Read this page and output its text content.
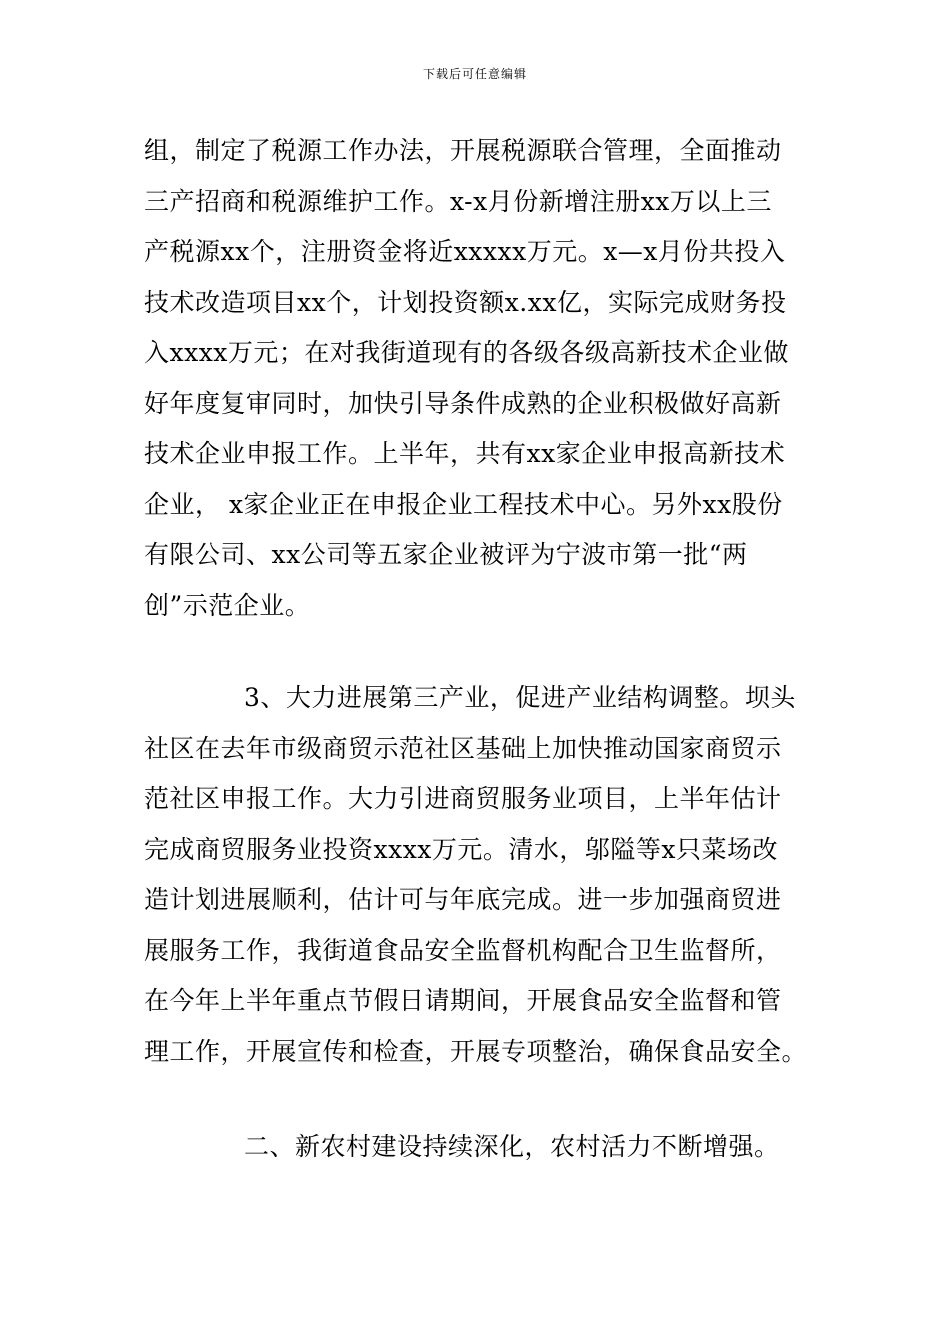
下载后可任意编辑
组，制定了税源工作办法，开展税源联合管理，全面推动
三产招商和税源维护工作。x-x月份新增注册xx万以上三
产税源xx个，注册资金将近xxxxx万元。x—x月份共投入
技术改造项目xx个，计划投资额x.xx亿，实际完成财务投
入xxxx万元；在对我街道现有的各级各级高新技术企业做
好年度复审同时，加快引导条件成熟的企业积极做好高新
技术企业申报工作。上半年，共有xx家企业申报高新技术
企业， x家企业正在申报企业工程技术中心。另外xx股份
有限公司、xx公司等五家企业被评为宁波市第一批“两
创”示范企业。
3、大力进展第三产业，促进产业结构调整。坝头
社区在去年市级商贸示范社区基础上加快推动国家商贸示
范社区申报工作。大力引进商贸服务业项目，上半年估计
完成商贸服务业投资xxxx万元。清水，邬隘等x只菜场改
造计划进展顺利，估计可与年底完成。进一步加强商贸进
展服务工作，我街道食品安全监督机构配合卫生监督所，
在今年上半年重点节假日请期间，开展食品安全监督和管
理工作，开展宣传和检查，开展专项整治，确保食品安全。
二、新农村建设持续深化，农村活力不断增强。
